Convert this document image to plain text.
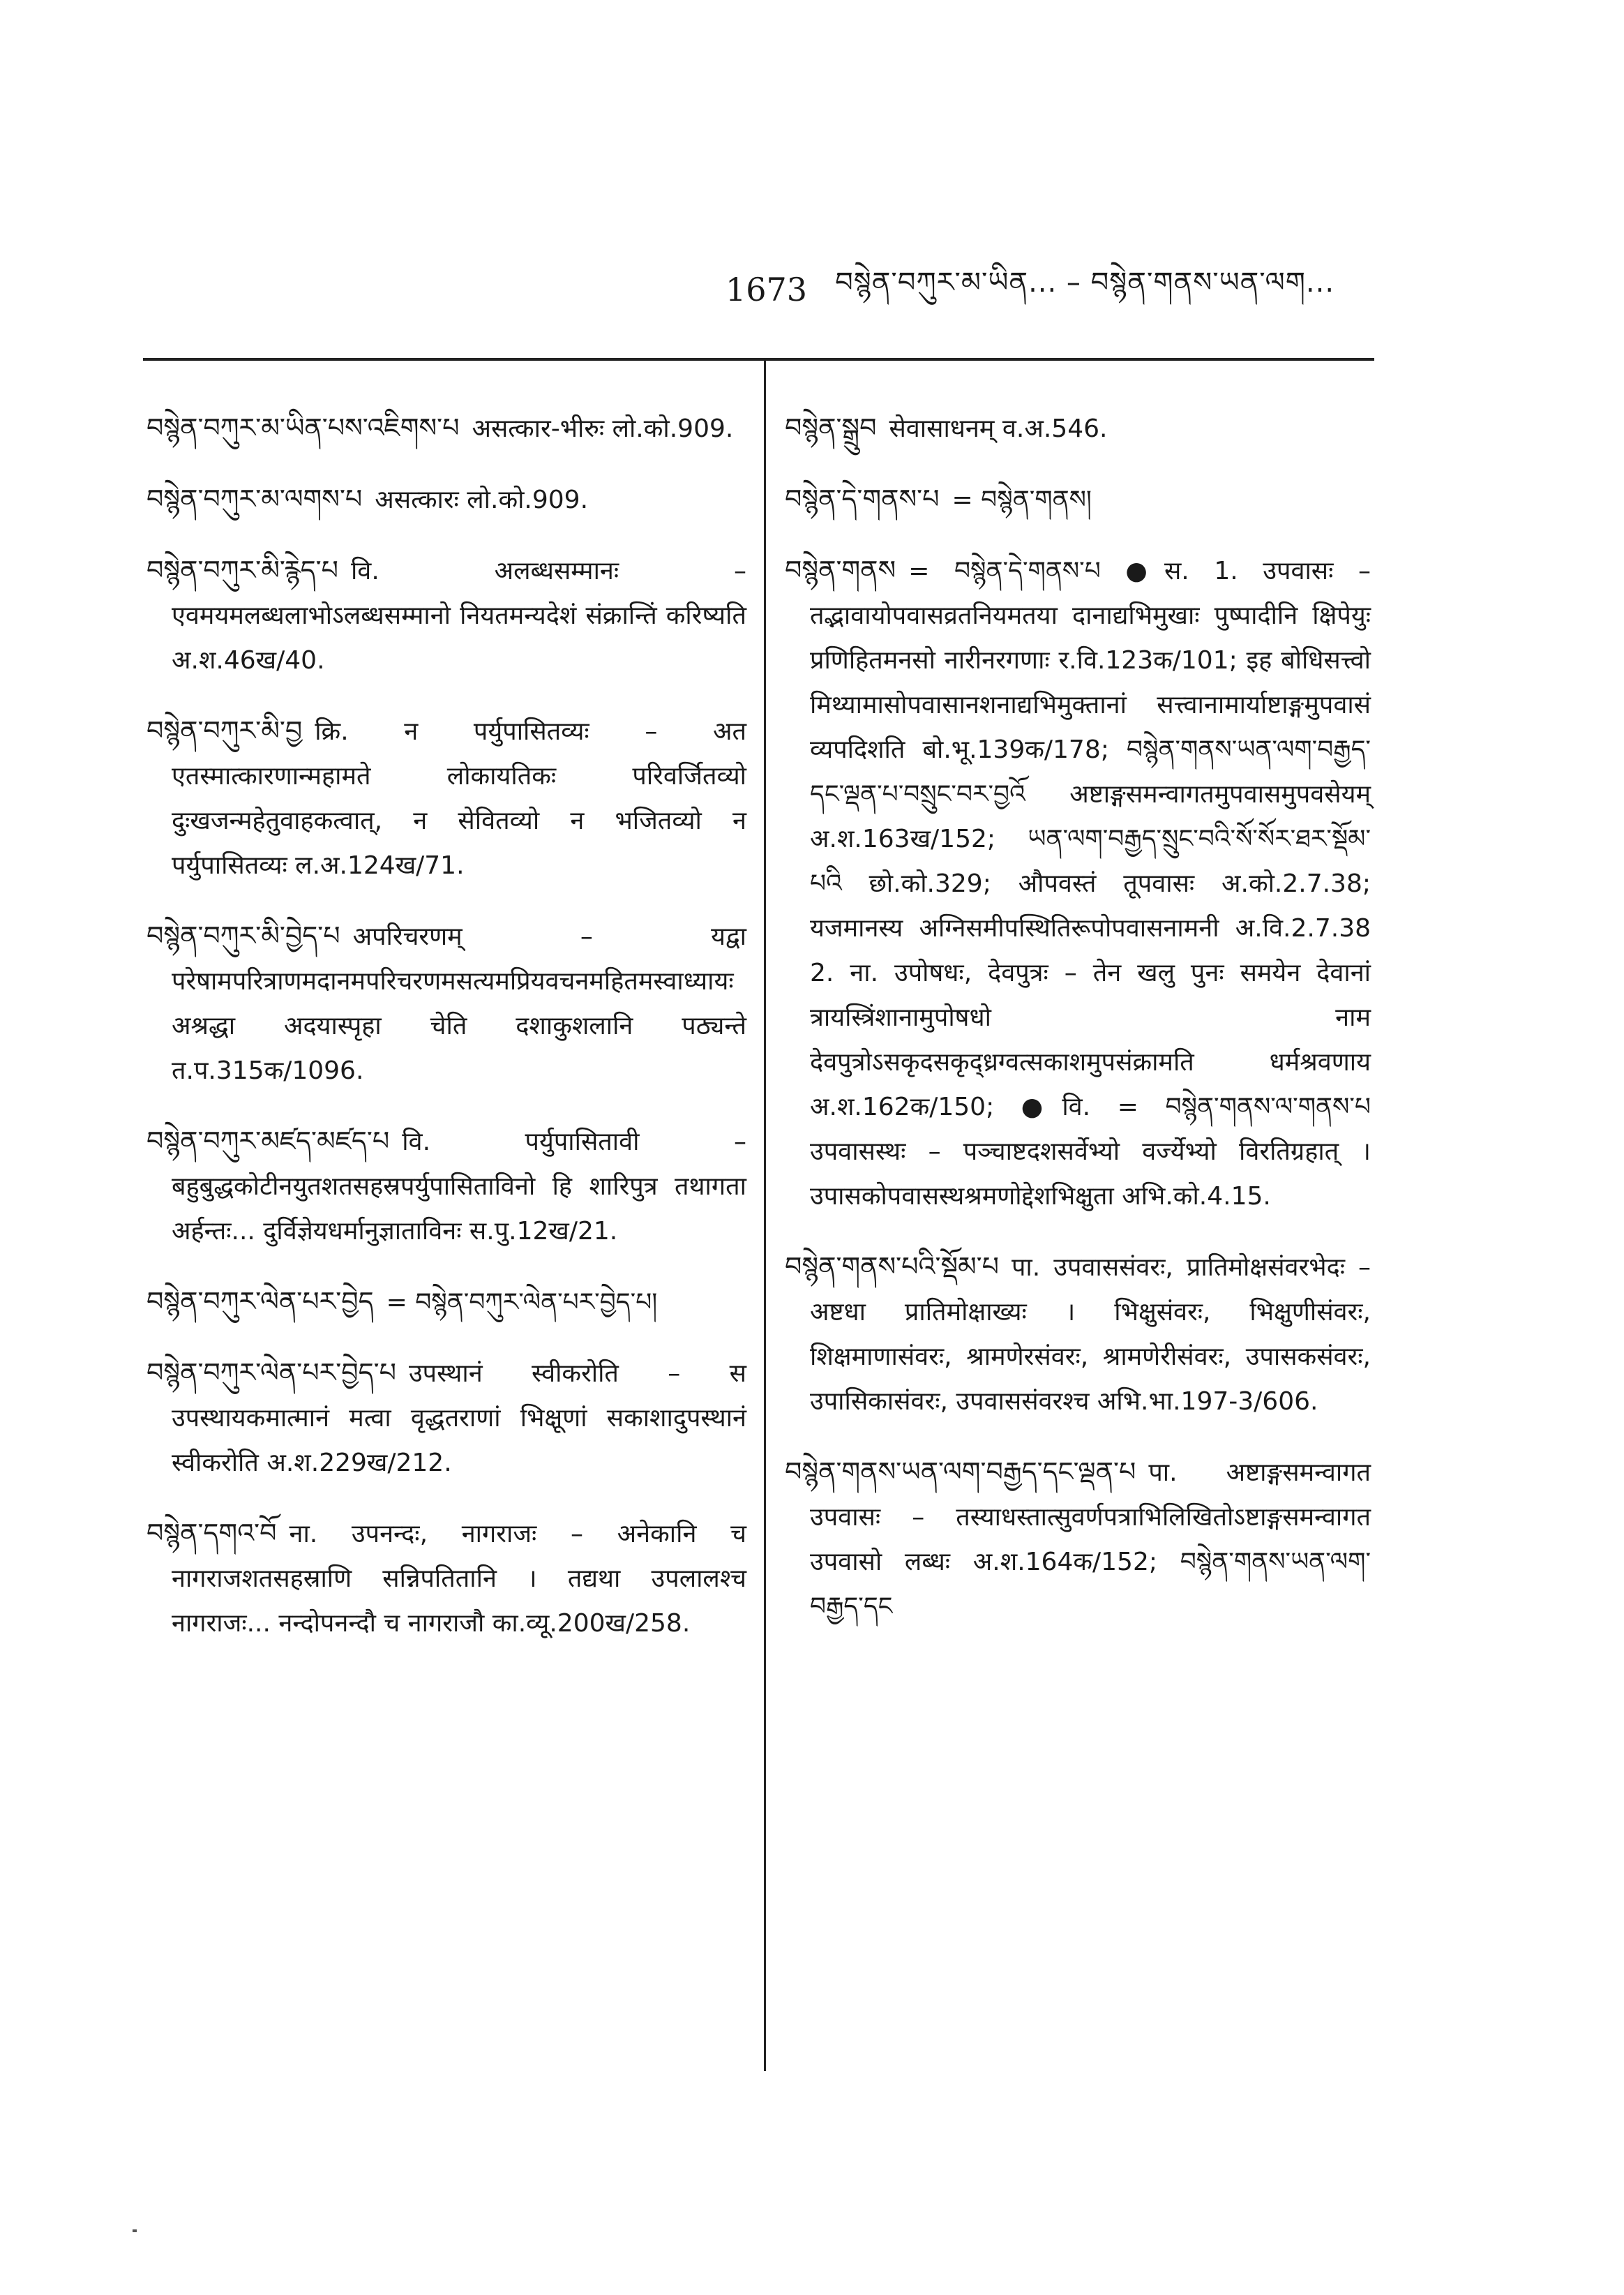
1673 བསྙེན་བཀུར་མ་ཡིན... – བསྙེན་གནས་ཡན་ལག...

བསྙེན་བཀུར་མ་ཡིན་པས་འཇིགས་པ असत्कार-भीरुः लो.को.909.

བསྙེན་བཀུར་མ་ལགས་པ असत्कारः लो.को.909.

བསྙེན་བཀུར་མི་རྙེད་པ वि. अलब्धसम्मानः – एवमयमलब्धलाभोऽलब्धसम्मानो नियतमन्यदेशं संक्रान्तिं करिष्यति अ.श.46ख/40.

བསྙེན་བཀུར་མི་བྱ क्रि. न पर्युपासितव्यः – अत एतस्मात्कारणान्महामते लोकायतिकः परिवर्जितव्यो दुःखजन्महेतुवाहकत्वात्, न सेवितव्यो न भजितव्यो न पर्युपासितव्यः ल.अ.124ख/71.

བསྙེན་བཀུར་མི་བྱེད་པ अपरिचरणम् – यद्वा परेषामपरित्राणमदानमपरिचरणमसत्यमप्रियवचनमहितमस्वाध्यायः अश्रद्धा अदयास्पृहा चेति दशाकुशलानि पठ्यन्ते त.प.315क/1096.

བསྙེན་བཀུར་མཛད་མཛད་པ वि. पर्युपासितावी – बहुबुद्धकोटीनयुतशतसहस्रपर्युपासिताविनो हि शारिपुत्र तथागता अर्हन्तः... दुर्विज्ञेयधर्मानुज्ञाताविनः स.पु.12ख/21.

བསྙེན་བཀུར་ལེན་པར་བྱེད = བསྙེན་བཀུར་ལེན་པར་བྱེད་པ།

བསྙེན་བཀུར་ལེན་པར་བྱེད་པ उपस्थानं स्वीकरोति – स उपस्थायकमात्मानं मत्वा वृद्धतराणां भिक्षूणां सकाशादुपस्थानं स्वीकरोति अ.श.229ख/212.

བསྙེན་དགའ་བོ ना. उपनन्दः, नागराजः – अनेकानि च नागराजशतसहस्राणि सन्निपतितानि । तद्यथा उपलालश्च नागराजः... नन्दोपनन्दौ च नागराजौ का.व्यू.200ख/258.

བསྙེན་སྒྲུབ सेवासाधनम् व.अ.546.

བསྙེན་དེ་གནས་པ = བསྙེན་གནས།

བསྙེན་གནས = བསྙེན་དེ་གནས་པ ●स. 1. उपवासः – तद्भावायोपवासव्रतनियमतया दानाद्यभिमुखाः पुष्पादीनि क्षिपेयुः प्रणिहितमनसो नारीनरगणाः र.वि.123क/101; इह बोधिसत्त्वो मिथ्यामासोपवासानशनाद्यभिमुक्तानां सत्त्वानामार्याष्टाङ्गमुपवासं व्यपदिशति बो.भू.139क/178; བསྙེན་གནས་ཡན་ལག་བརྒྱད་དང་ལྡན་པ་བསྲུང་བར་བྱའོ अष्टाङ्गसमन्वागतमुपवासमुपवसेयम् अ.श.163ख/152; ཡན་ལག་བརྒྱད་སྲུང་བའི་སོ་སོར་ཐར་སྡོམ་པའི छो.को.329; औपवस्तं तूपवासः अ.को.2.7.38; यजमानस्य अग्निसमीपस्थितिरूपोपवासनामनी अ.वि.2.7.38 2. ना. उपोषधः, देवपुत्रः – तेन खलु पुनः समयेन देवानां त्रायस्त्रिंशानामुपोषधो नाम देवपुत्रोऽसकृदसकृद्ध्रग्वत्सकाशमुपसंक्रामति धर्मश्रवणाय अ.श.162क/150; ●वि. = བསྙེན་གནས་ལ་གནས་པ उपवासस्थः – पञ्चाष्टदशसर्वेभ्यो वर्ज्येभ्यो विरतिग्रहात् । उपासकोपवासस्थश्रमणोद्देशभिक्षुता अभि.को.4.15.

བསྙེན་གནས་པའི་སྡོམ་པ पा. उपवाससंवरः, प्रातिमोक्षसंवरभेदः – अष्टधा प्रातिमोक्षाख्यः । भिक्षुसंवरः, भिक्षुणीसंवरः, शिक्षमाणासंवरः, श्रामणेरसंवरः, श्रामणेरीसंवरः, उपासकसंवरः, उपासिकासंवरः, उपवाससंवरश्च अभि.भा.197-3/606.

བསྙེན་གནས་ཡན་ལག་བརྒྱད་དང་ལྡན་པ पा. अष्टाङ्गसमन्वागत उपवासः – तस्याधस्तात्सुवर्णपत्राभिलिखितोऽष्टाङ्गसमन्वागत उपवासो लब्धः अ.श.164क/152; བསྙེན་གནས་ཡན་ལག་བརྒྱད་དང
